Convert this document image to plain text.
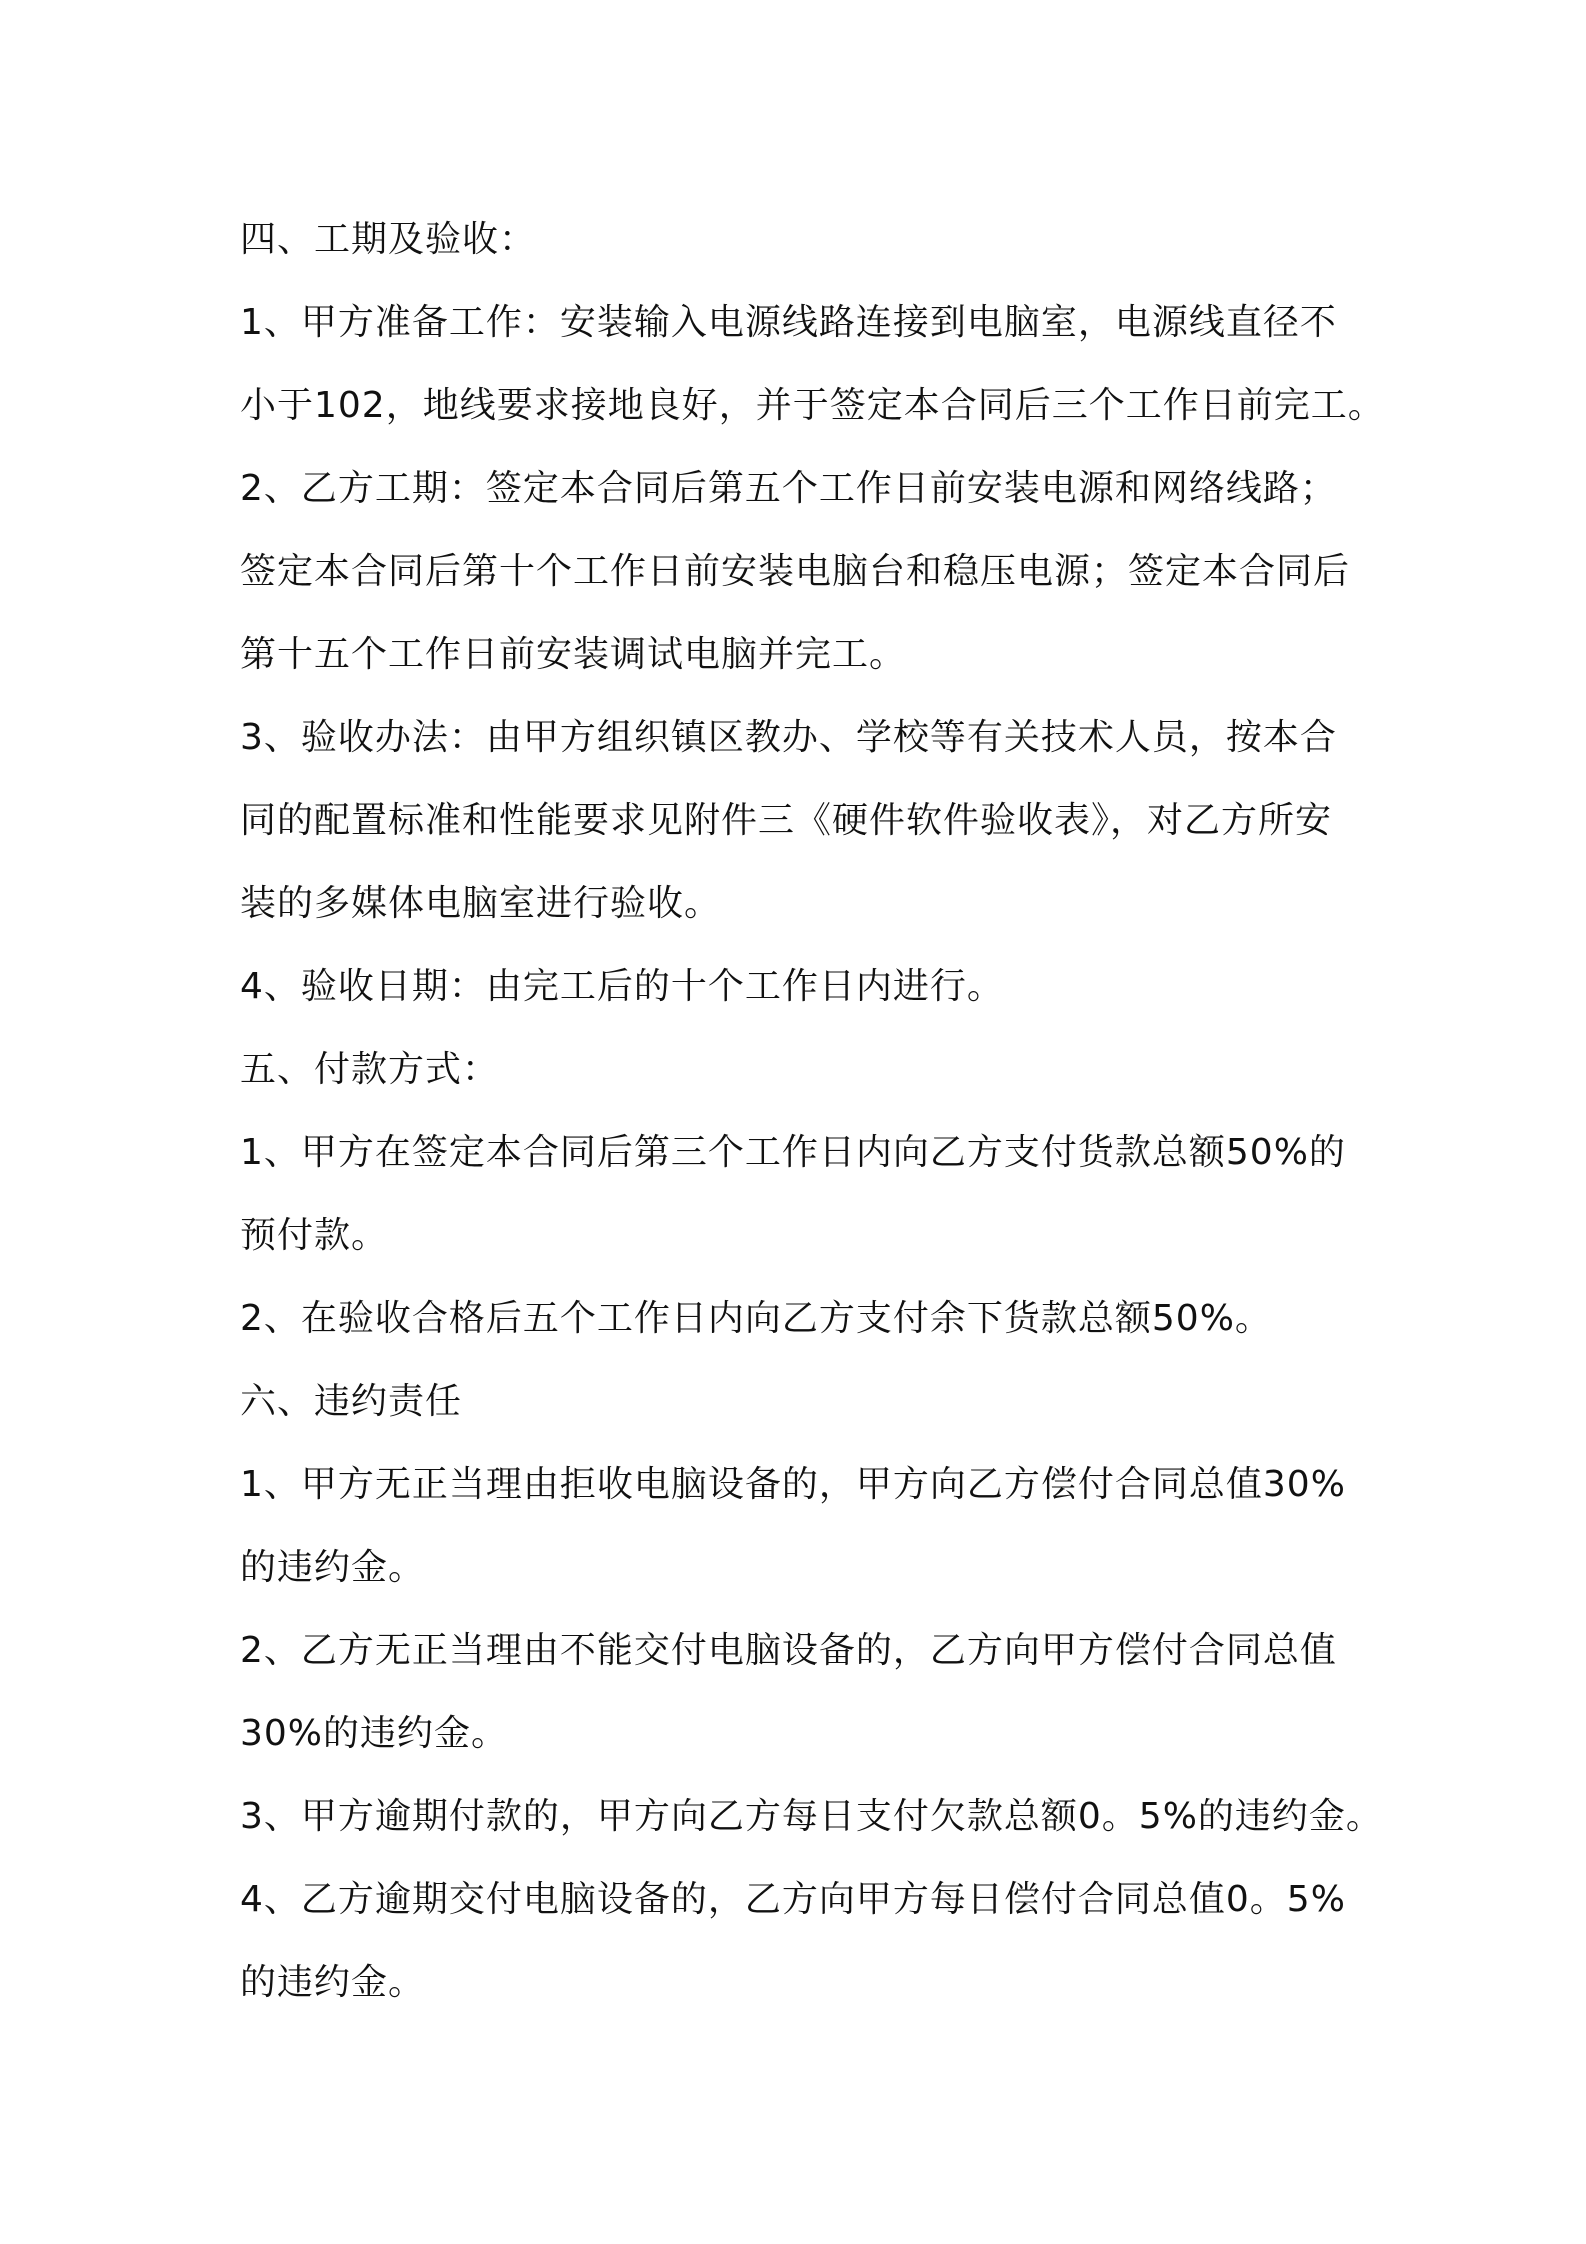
四、工期及验收：
1、甲方准备工作：安装输入电源线路连接到电脑室，电源线直径不
小于102，地线要求接地良好，并于签定本合同后三个工作日前完工。
2、乙方工期：签定本合同后第五个工作日前安装电源和网络线路；
签定本合同后第十个工作日前安装电脑台和稳压电源；签定本合同后
第十五个工作日前安装调试电脑并完工。
3、验收办法：由甲方组织镇区教办、学校等有关技术人员，按本合
同的配置标准和性能要求见附件三《硬件软件验收表》，对乙方所安
装的多媒体电脑室进行验收。
4、验收日期：由完工后的十个工作日内进行。
五、付款方式：
1、甲方在签定本合同后第三个工作日内向乙方支付货款总额50%的
预付款。
2、在验收合格后五个工作日内向乙方支付余下货款总额50%。
六、违约责任
1、甲方无正当理由拒收电脑设备的，甲方向乙方偿付合同总值30%
的违约金。
2、乙方无正当理由不能交付电脑设备的，乙方向甲方偿付合同总值
30%的违约金。
3、甲方逾期付款的，甲方向乙方每日支付欠款总额0。5%的违约金。
4、乙方逾期交付电脑设备的，乙方向甲方每日偿付合同总值0。5%
的违约金。
